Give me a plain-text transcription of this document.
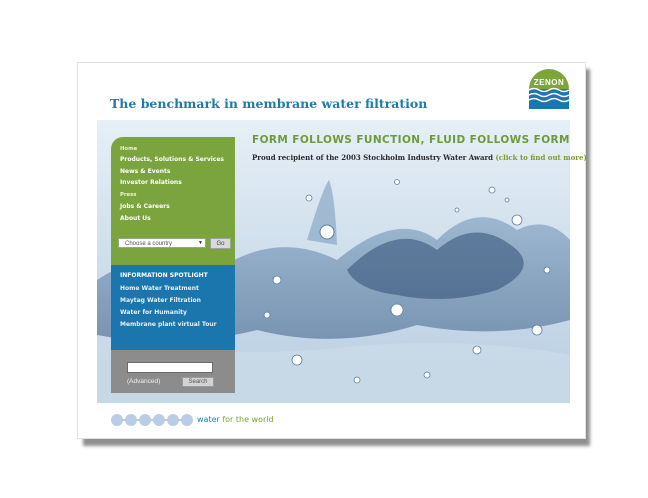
The benchmark in membrane water filtration
ZENON
FORM FOLLOWS FUNCTION, FLUID FOLLOWS FORM
Proud recipient of the 2003 Stockholm Industry Water Award (click to find out more)
Home
Products, Solutions & Services
News & Events
Investor Relations
Press
Jobs & Careers
About Us
Choose a country	▼	Go
INFORMATION SPOTLIGHT
Home Water Treatment
Maytag Water Filtration
Water for Humanity
Membrane plant virtual Tour
(Advanced)	Search
water for the world
